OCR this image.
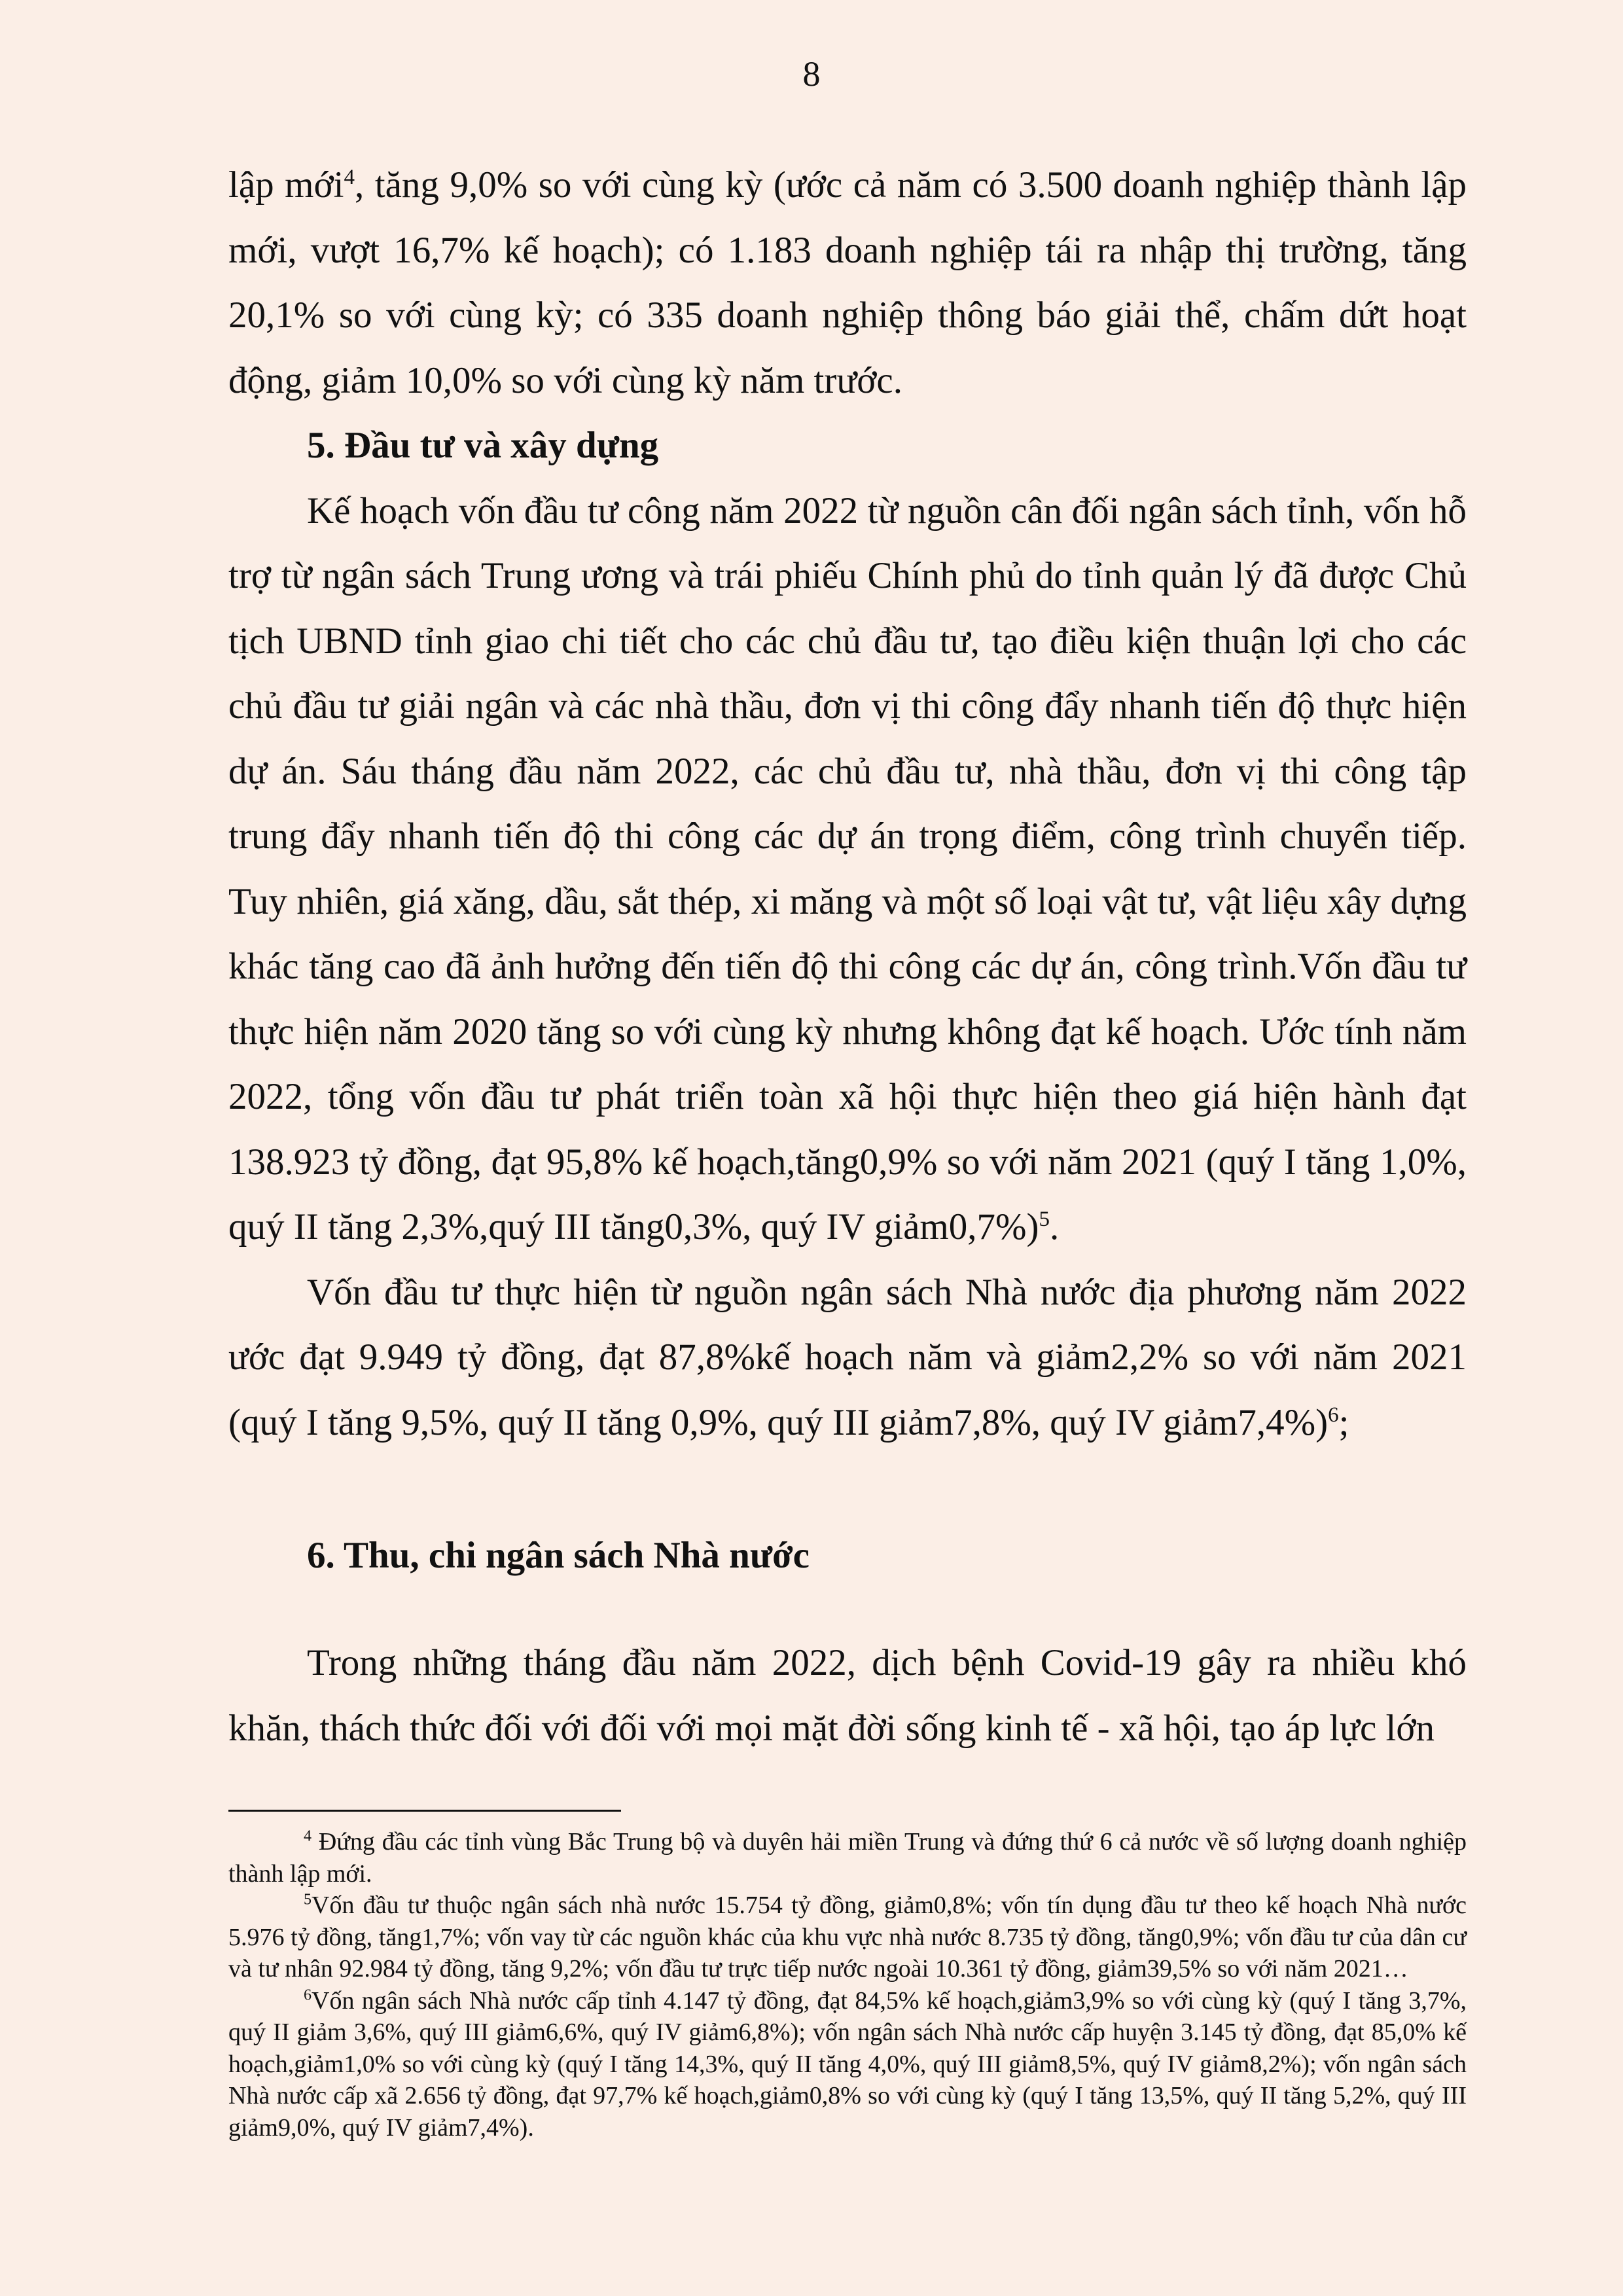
8

lập mới$^4$, tăng 9,0% so với cùng kỳ (ước cả năm có 3.500 doanh nghiệp thành lập mới, vượt 16,7% kế hoạch); có 1.183 doanh nghiệp tái ra nhập thị trường, tăng 20,1% so với cùng kỳ; có 335 doanh nghiệp thông báo giải thể, chấm dứt hoạt động, giảm 10,0% so với cùng kỳ năm trước.

5. Đầu tư và xây dựng

Kế hoạch vốn đầu tư công năm 2022 từ nguồn cân đối ngân sách tỉnh, vốn hỗ trợ từ ngân sách Trung ương và trái phiếu Chính phủ do tỉnh quản lý đã được Chủ tịch UBND tỉnh giao chi tiết cho các chủ đầu tư, tạo điều kiện thuận lợi cho các chủ đầu tư giải ngân và các nhà thầu, đơn vị thi công đẩy nhanh tiến độ thực hiện dự án. Sáu tháng đầu năm 2022, các chủ đầu tư, nhà thầu, đơn vị thi công tập trung đẩy nhanh tiến độ thi công các dự án trọng điểm, công trình chuyển tiếp. Tuy nhiên, giá xăng, dầu, sắt thép, xi măng và một số loại vật tư, vật liệu xây dựng khác tăng cao đã ảnh hưởng đến tiến độ thi công các dự án, công trình.Vốn đầu tư thực hiện năm 2020 tăng so với cùng kỳ nhưng không đạt kế hoạch. Ước tính năm 2022, tổng vốn đầu tư phát triển toàn xã hội thực hiện theo giá hiện hành đạt 138.923 tỷ đồng, đạt 95,8% kế hoạch,tăng0,9% so với năm 2021 (quý I tăng 1,0%, quý II tăng 2,3%,quý III tăng0,3%, quý IV giảm0,7%)$^5$.

Vốn đầu tư thực hiện từ nguồn ngân sách Nhà nước địa phương năm 2022 ước đạt 9.949 tỷ đồng, đạt 87,8%kế hoạch năm và giảm2,2% so với năm 2021 (quý I tăng 9,5%, quý II tăng 0,9%, quý III giảm7,8%, quý IV giảm7,4%)$^6$;

6. Thu, chi ngân sách Nhà nước

Trong những tháng đầu năm 2022, dịch bệnh Covid-19 gây ra nhiều khó khăn, thách thức đối với đối với mọi mặt đời sống kinh tế - xã hội, tạo áp lực lớn

$^4$ Đứng đầu các tỉnh vùng Bắc Trung bộ và duyên hải miền Trung và đứng thứ 6 cả nước về số lượng doanh nghiệp thành lập mới.

$^5$Vốn đầu tư thuộc ngân sách nhà nước 15.754 tỷ đồng, giảm0,8%; vốn tín dụng đầu tư theo kế hoạch Nhà nước 5.976 tỷ đồng, tăng1,7%; vốn vay từ các nguồn khác của khu vực nhà nước 8.735 tỷ đồng, tăng0,9%; vốn đầu tư của dân cư và tư nhân 92.984 tỷ đồng, tăng 9,2%; vốn đầu tư trực tiếp nước ngoài 10.361 tỷ đồng, giảm39,5% so với năm 2021…

$^6$Vốn ngân sách Nhà nước cấp tỉnh 4.147 tỷ đồng, đạt 84,5% kế hoạch,giảm3,9% so với cùng kỳ (quý I tăng 3,7%, quý II giảm 3,6%, quý III giảm6,6%, quý IV giảm6,8%); vốn ngân sách Nhà nước cấp huyện 3.145 tỷ đồng, đạt 85,0% kế hoạch,giảm1,0% so với cùng kỳ (quý I tăng 14,3%, quý II tăng 4,0%, quý III giảm8,5%, quý IV giảm8,2%); vốn ngân sách Nhà nước cấp xã 2.656 tỷ đồng, đạt 97,7% kế hoạch,giảm0,8% so với cùng kỳ (quý I tăng 13,5%, quý II tăng 5,2%, quý III giảm9,0%, quý IV giảm7,4%).
